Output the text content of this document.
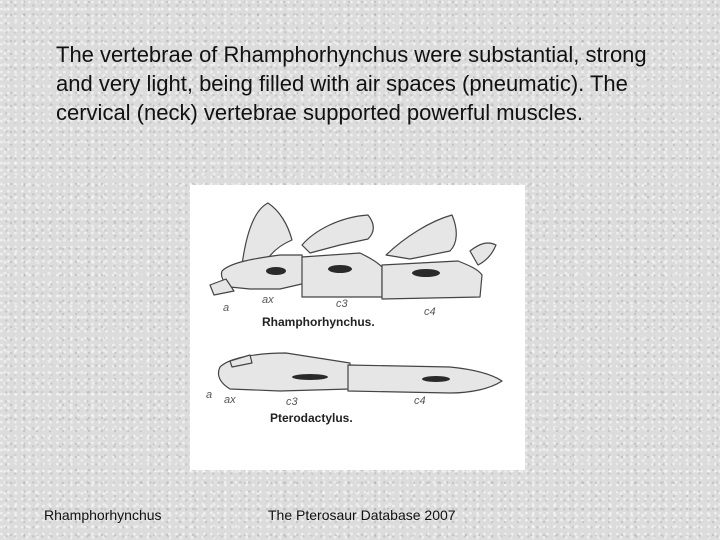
The vertebrae of Rhamphorhynchus were substantial, strong and very light, being filled with air spaces (pneumatic). The cervical (neck) vertebrae supported powerful muscles.
a
ax	c3
c4
Rhamphorhynchus.
a ax	c3	c4
Pterodactylus.
Rhamphorhynchus	The Pterosaur Database 2007
